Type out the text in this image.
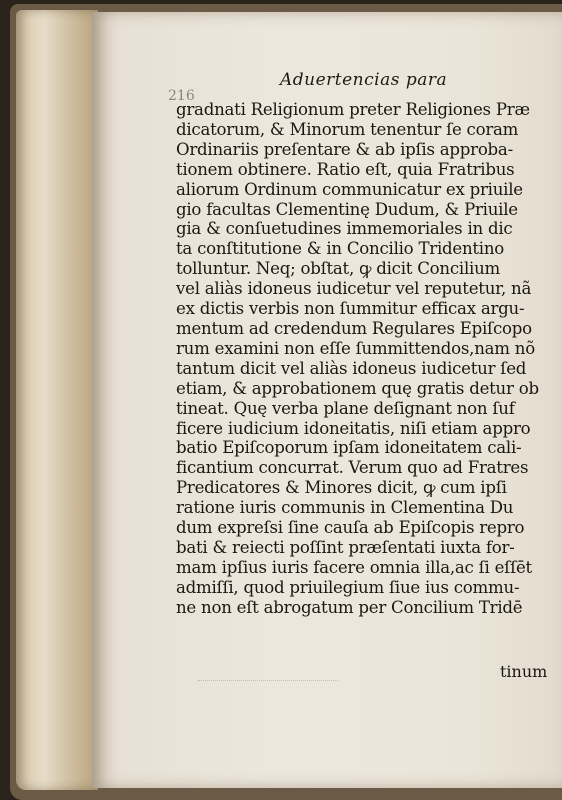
216
Aduertencias para
gradnati Religionum preter Religiones Præ
dicatorum, & Minorum tenentur ſe coram
Ordinariis preſentare & ab ipſis approba-
tionem obtinere. Ratio eſt, quia Fratribus
aliorum Ordinum communicatur ex priuile
gio facultas Clementinę Dudum, & Priuile
gia & conſuetudines immemoriales in dic
ta conſtitutione & in Concilio Tridentino
tolluntur. Neq; obſtat, ꝙ dicit Concilium
vel aliàs idoneus iudicetur vel reputetur, nã
ex dictis verbis non ſummitur efficax argu-
mentum ad credendum Regulares Epiſcopo
rum examini non eſſe ſummittendos,nam nõ
tantum dicit vel aliàs idoneus iudicetur ſed
etiam, & approbationem quę gratis detur ob
tineat. Quę verba plane deſignant non ſuf
ficere iudicium idoneitatis, niſi etiam appro
batio Epiſcoporum ipſam idoneitatem cali-
ficantium concurrat. Verum quo ad Fratres
Predicatores & Minores dicit, ꝙ cum ipſi
ratione iuris communis in Clementina Du
dum expreſsi ſine cauſa ab Epiſcopis repro
bati & reiecti poſſint præſentati iuxta for-
mam ipſius iuris facere omnia illa,ac ſi eſſēt
admiſſi, quod priuilegium ſiue ius commu-
ne non eſt abrogatum per Concilium Tridē
tinum
